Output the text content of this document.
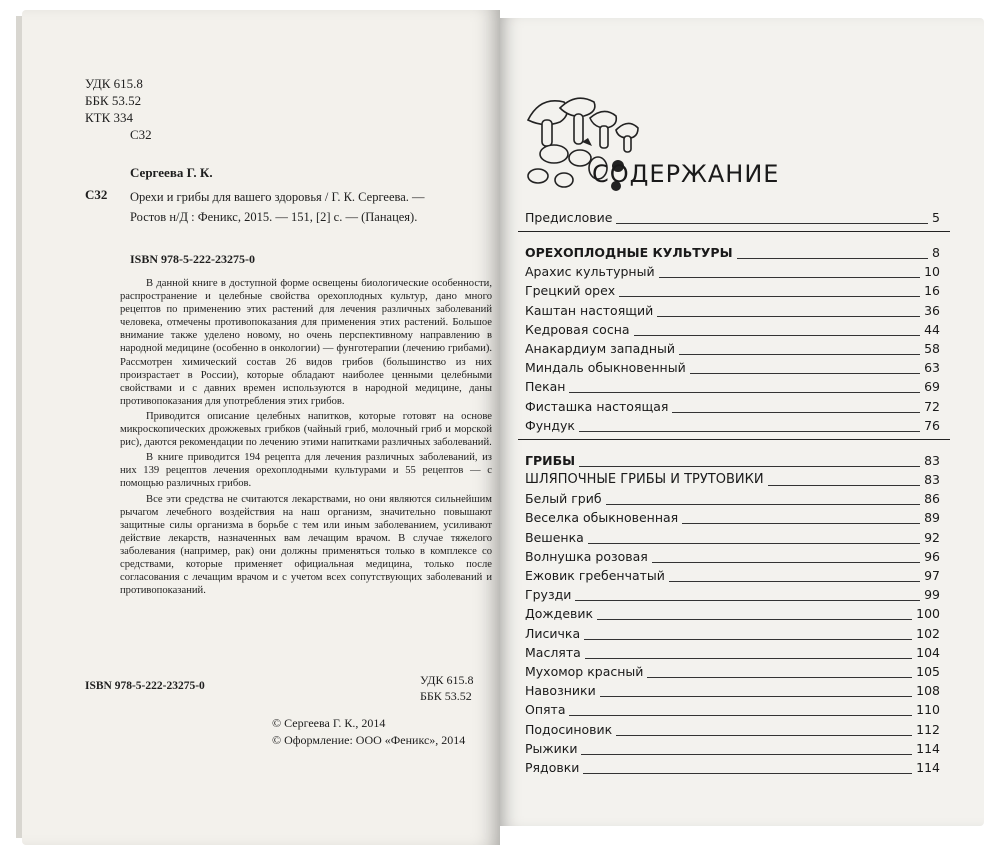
УДК 615.8
ББК 53.52
КТК 334
С32
Сергеева Г. К.
С32 Орехи и грибы для вашего здоровья / Г. К. Сергеева. —
Ростов н/Д : Феникс, 2015. — 151, [2] с. — (Панацея).
ISBN 978-5-222-23275-0

В данной книге в доступной форме освещены биологические особенности, распространение и целебные свойства орехоплодных культур, дано много рецептов по применению этих растений для лечения различных заболеваний человека, отмечены противопоказания для применения этих растений. Большое внимание также уделено новому, но очень перспективному направлению в народной медицине (особенно в онкологии) — фунготерапии (лечению грибами). Рассмотрен химический состав 26 видов грибов (большинство из них произрастает в России), которые обладают наиболее ценными целебными свойствами и с давних времен используются в народной медицине, даны противопоказания для употребления этих грибов.

Приводится описание целебных напитков, которые готовят на основе микроскопических дрожжевых грибков (чайный гриб, молочный гриб и морской рис), даются рекомендации по лечению этими напитками различных заболеваний.

В книге приводится 194 рецепта для лечения различных заболеваний, из них 139 рецептов лечения орехоплодными культурами и 55 рецептов — с помощью различных грибов.

Все эти средства не считаются лекарствами, но они являются сильнейшим рычагом лечебного воздействия на наш организм, значительно повышают защитные силы организма в борьбе с тем или иным заболеванием, усиливают действие лекарств, назначенных вам лечащим врачом. В случае тяжелого заболевания (например, рак) они должны применяться только в комплексе со средствами, которые применяет официальная медицина, только после согласования с лечащим врачом и с учетом всех сопутствующих заболеваний и противопоказаний.

ISBN 978-5-222-23275-0	УДК 615.8
ББК 53.52
© Сергеева Г. К., 2014
© Оформление: ООО «Феникс», 2014
СОДЕРЖАНИЕ
Предисловие	5
ОРЕХОПЛОДНЫЕ КУЛЬТУРЫ	8
Арахис культурный	10
Грецкий орех	16
Каштан настоящий	36
Кедровая сосна	44
Анакардиум западный	58
Миндаль обыкновенный	63
Пекан	69
Фисташка настоящая	72
Фундук	76
ГРИБЫ	83
ШЛЯПОЧНЫЕ ГРИБЫ И ТРУТОВИКИ	83
Белый гриб	86
Веселка обыкновенная	89
Вешенка	92
Волнушка розовая	96
Ежовик гребенчатый	97
Грузди	99
Дождевик	100
Лисичка	102
Маслята	104
Мухомор красный	105
Навозники	108
Опята	110
Подосиновик	112
Рыжики	114
Рядовки	114
